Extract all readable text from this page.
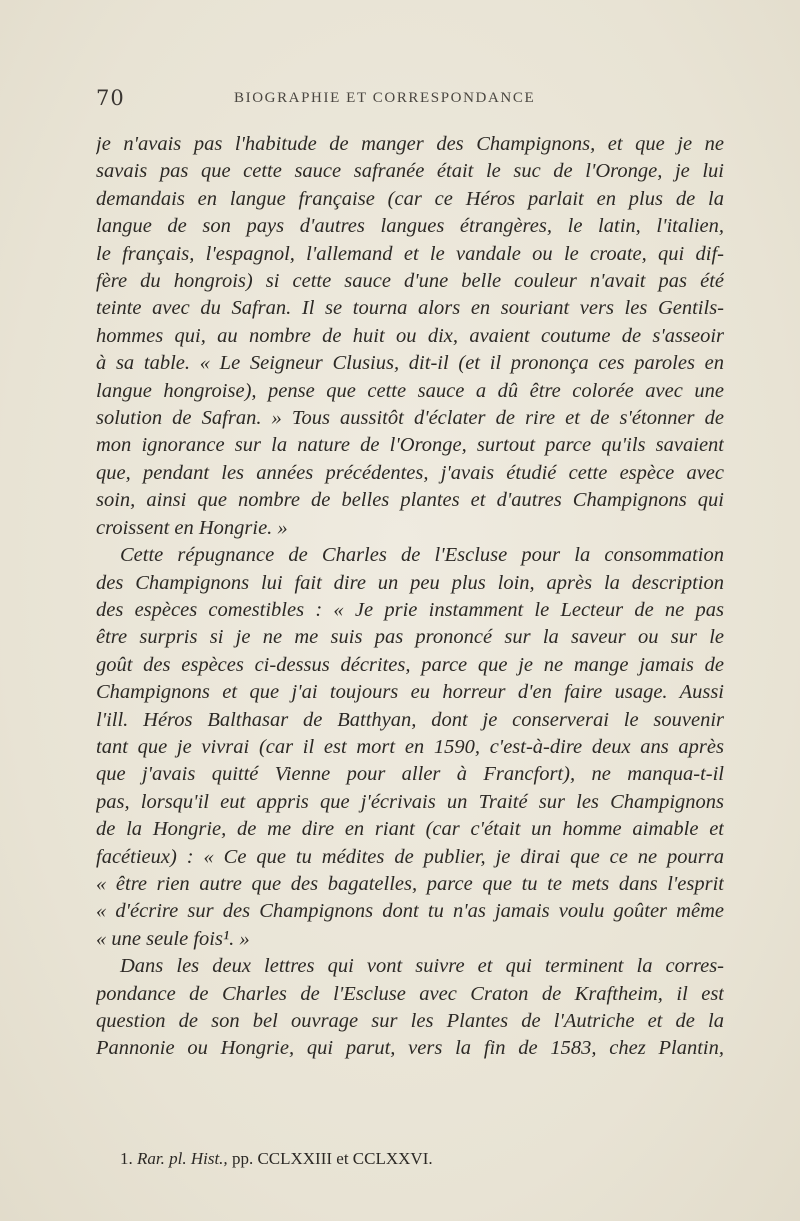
70	BIOGRAPHIE ET CORRESPONDANCE
je n'avais pas l'habitude de manger des Champignons, et que je ne
savais pas que cette sauce safranée était le suc de l'Oronge, je lui
demandais en langue française (car ce Héros parlait en plus de la
langue de son pays d'autres langues étrangères, le latin, l'italien,
le français, l'espagnol, l'allemand et le vandale ou le croate, qui dif-
fère du hongrois) si cette sauce d'une belle couleur n'avait pas été
teinte avec du Safran. Il se tourna alors en souriant vers les Gentils-
hommes qui, au nombre de huit ou dix, avaient coutume de s'asseoir
à sa table. « Le Seigneur Clusius, dit-il (et il prononça ces paroles en
langue hongroise), pense que cette sauce a dû être colorée avec une
solution de Safran. » Tous aussitôt d'éclater de rire et de s'étonner de
mon ignorance sur la nature de l'Oronge, surtout parce qu'ils savaient
que, pendant les années précédentes, j'avais étudié cette espèce avec
soin, ainsi que nombre de belles plantes et d'autres Champignons qui
croissent en Hongrie. »
Cette répugnance de Charles de l'Escluse pour la consommation
des Champignons lui fait dire un peu plus loin, après la description
des espèces comestibles : « Je prie instamment le Lecteur de ne pas
être surpris si je ne me suis pas prononcé sur la saveur ou sur le
goût des espèces ci-dessus décrites, parce que je ne mange jamais de
Champignons et que j'ai toujours eu horreur d'en faire usage. Aussi
l'ill. Héros Balthasar de Batthyan, dont je conserverai le souvenir
tant que je vivrai (car il est mort en 1590, c'est-à-dire deux ans après
que j'avais quitté Vienne pour aller à Francfort), ne manqua-t-il
pas, lorsqu'il eut appris que j'écrivais un Traité sur les Champignons
de la Hongrie, de me dire en riant (car c'était un homme aimable et
facétieux) : « Ce que tu médites de publier, je dirai que ce ne pourra
« être rien autre que des bagatelles, parce que tu te mets dans l'esprit
« d'écrire sur des Champignons dont tu n'as jamais voulu goûter même
« une seule fois¹. »
Dans les deux lettres qui vont suivre et qui terminent la corres-
pondance de Charles de l'Escluse avec Craton de Kraftheim, il est
question de son bel ouvrage sur les Plantes de l'Autriche et de la
Pannonie ou Hongrie, qui parut, vers la fin de 1583, chez Plantin,
1. Rar. pl. Hist., pp. CCLXXIII et CCLXXVI.
